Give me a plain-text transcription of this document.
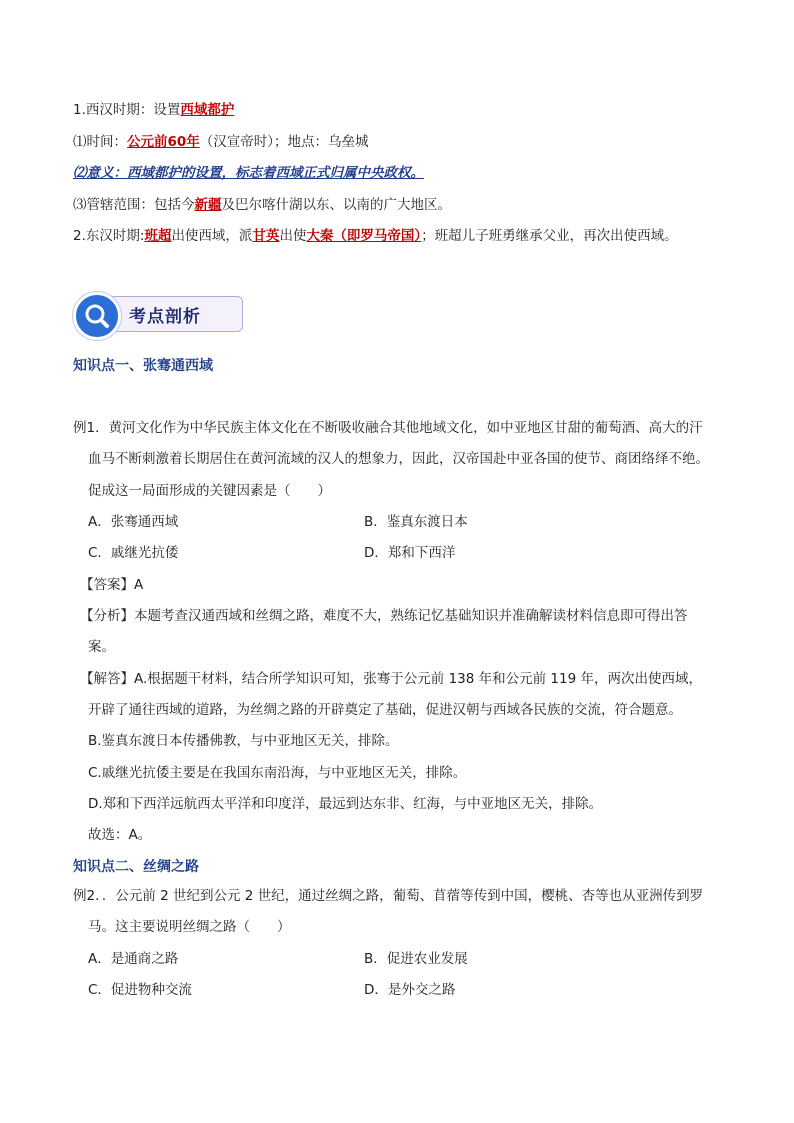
1.西汉时期：设置西域都护
⑴时间：公元前60年（汉宣帝时）；地点：乌垒城
⑵意义：西域都护的设置，标志着西域正式归属中央政权。
⑶管辖范围：包括今新疆及巴尔喀什湖以东、以南的广大地区。
2.东汉时期:班超出使西域，派甘英出使大秦（即罗马帝国）；班超儿子班勇继承父业，再次出使西域。
考点剖析
知识点一、张骞通西域
例1．黄河文化作为中华民族主体文化在不断吸收融合其他地域文化，如中亚地区甘甜的葡萄酒、高大的汗
血马不断刺激着长期居住在黄河流域的汉人的想象力，因此，汉帝国赴中亚各国的使节、商团络绎不绝。
促成这一局面形成的关键因素是（　　）
A．张骞通西域	B．鉴真东渡日本
C．戚继光抗倭	D．郑和下西洋
【答案】A
【分析】本题考查汉通西域和丝绸之路，难度不大，熟练记忆基础知识并准确解读材料信息即可得出答
案。
【解答】A.根据题干材料，结合所学知识可知，张骞于公元前 138 年和公元前 119 年，两次出使西域，
开辟了通往西域的道路，为丝绸之路的开辟奠定了基础，促进汉朝与西域各民族的交流，符合题意。
B.鉴真东渡日本传播佛教，与中亚地区无关，排除。
C.戚继光抗倭主要是在我国东南沿海，与中亚地区无关，排除。
D.郑和下西洋远航西太平洋和印度洋，最远到达东非、红海，与中亚地区无关，排除。
故选：A。
知识点二、丝绸之路
例2．．公元前 2 世纪到公元 2 世纪，通过丝绸之路，葡萄、苜蓿等传到中国，樱桃、杏等也从亚洲传到罗
马。这主要说明丝绸之路（　　）
A．是通商之路	B．促进农业发展
C．促进物种交流	D．是外交之路
